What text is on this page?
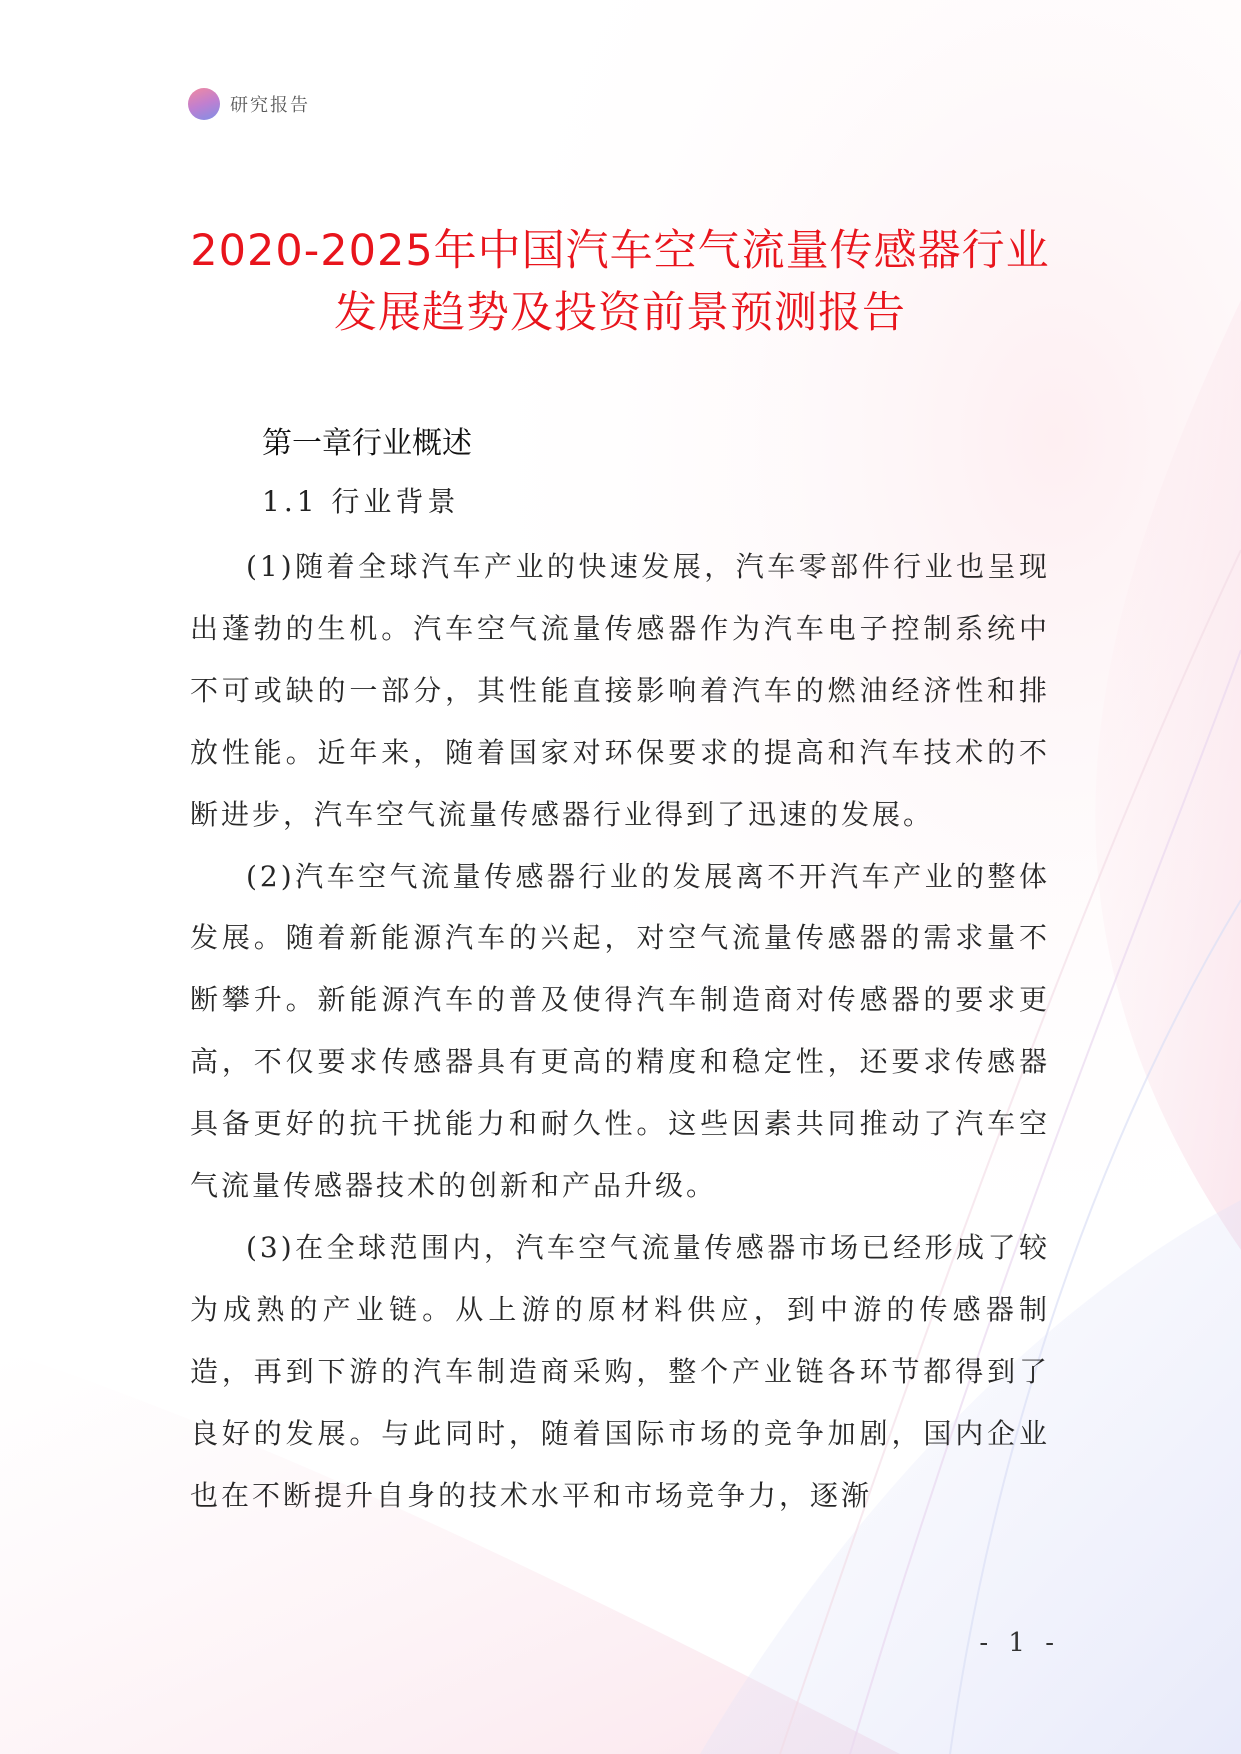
研究报告
2020-2025年中国汽车空气流量传感器行业
发展趋势及投资前景预测报告
第一章行业概述
1.1 行业背景

(1)随着全球汽车产业的快速发展，汽车零部件行业也呈现出蓬勃的生机。汽车空气流量传感器作为汽车电子控制系统中不可或缺的一部分，其性能直接影响着汽车的燃油经济性和排放性能。近年来，随着国家对环保要求的提高和汽车技术的不断进步，汽车空气流量传感器行业得到了迅速的发展。

(2)汽车空气流量传感器行业的发展离不开汽车产业的整体发展。随着新能源汽车的兴起，对空气流量传感器的需求量不断攀升。新能源汽车的普及使得汽车制造商对传感器的要求更高，不仅要求传感器具有更高的精度和稳定性，还要求传感器具备更好的抗干扰能力和耐久性。这些因素共同推动了汽车空气流量传感器技术的创新和产品升级。

(3)在全球范围内，汽车空气流量传感器市场已经形成了较为成熟的产业链。从上游的原材料供应，到中游的传感器制造，再到下游的汽车制造商采购，整个产业链各环节都得到了良好的发展。与此同时，随着国际市场的竞争加剧，国内企业也在不断提升自身的技术水平和市场竞争力，逐渐

- 1 -
